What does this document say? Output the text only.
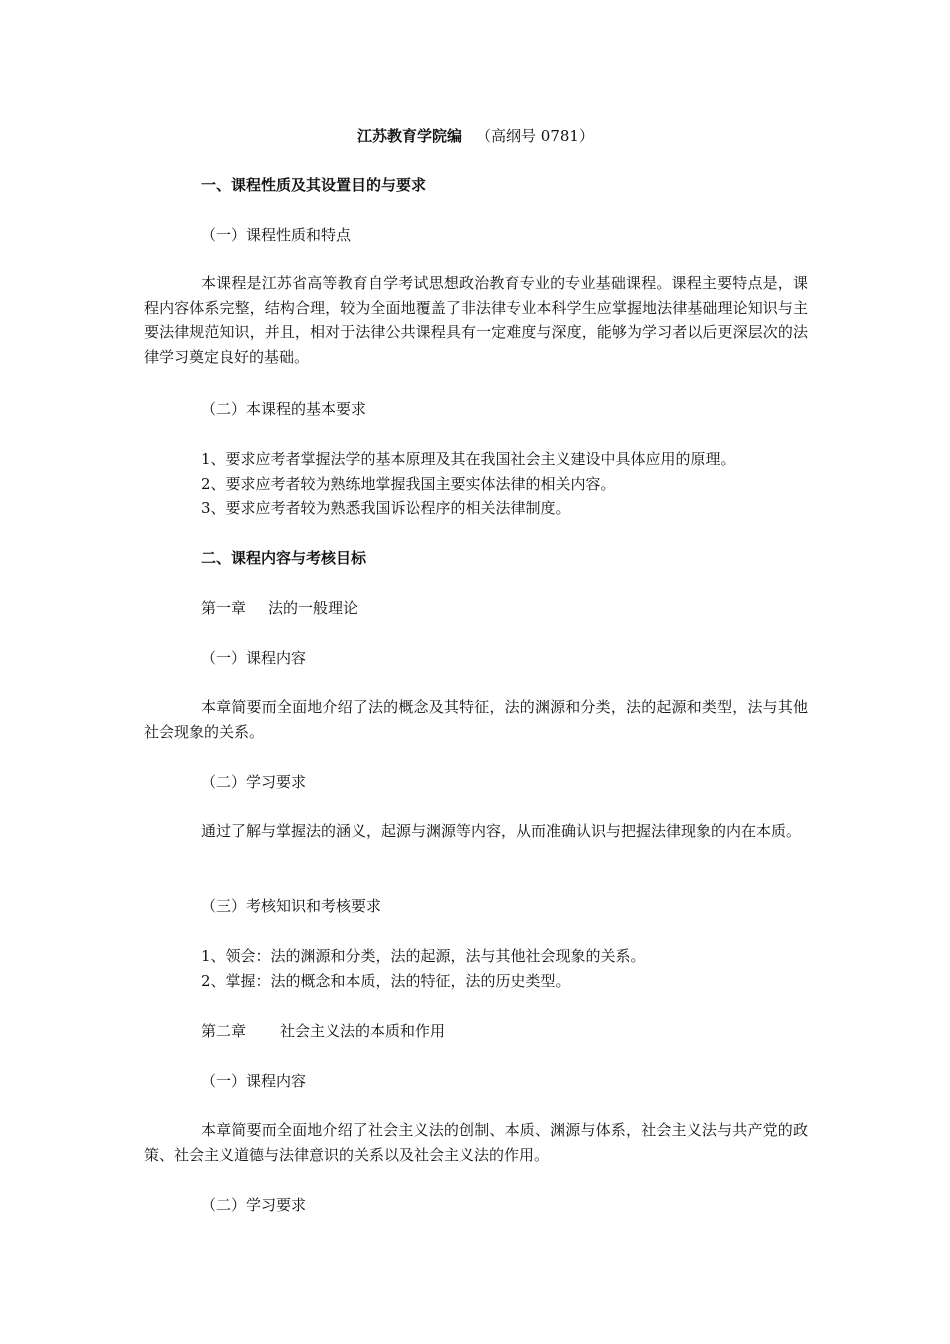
江苏教育学院编 （高纲号 0781）
一、课程性质及其设置目的与要求
（一）课程性质和特点
本课程是江苏省高等教育自学考试思想政治教育专业的专业基础课程。课程主要特点是，课程内容体系完整，结构合理，较为全面地覆盖了非法律专业本科学生应掌握地法律基础理论知识与主要法律规范知识，并且，相对于法律公共课程具有一定难度与深度，能够为学习者以后更深层次的法律学习奠定良好的基础。
（二）本课程的基本要求
1、要求应考者掌握法学的基本原理及其在我国社会主义建设中具体应用的原理。
2、要求应考者较为熟练地掌握我国主要实体法律的相关内容。
3、要求应考者较为熟悉我国诉讼程序的相关法律制度。
二、课程内容与考核目标
第一章 法的一般理论
（一）课程内容
本章简要而全面地介绍了法的概念及其特征，法的渊源和分类，法的起源和类型，法与其他社会现象的关系。
（二）学习要求
通过了解与掌握法的涵义，起源与渊源等内容，从而准确认识与把握法律现象的内在本质。
（三）考核知识和考核要求
1、领会：法的渊源和分类，法的起源，法与其他社会现象的关系。
2、掌握：法的概念和本质，法的特征，法的历史类型。
第二章 社会主义法的本质和作用
（一）课程内容
本章简要而全面地介绍了社会主义法的创制、本质、渊源与体系，社会主义法与共产党的政策、社会主义道德与法律意识的关系以及社会主义法的作用。
（二）学习要求
